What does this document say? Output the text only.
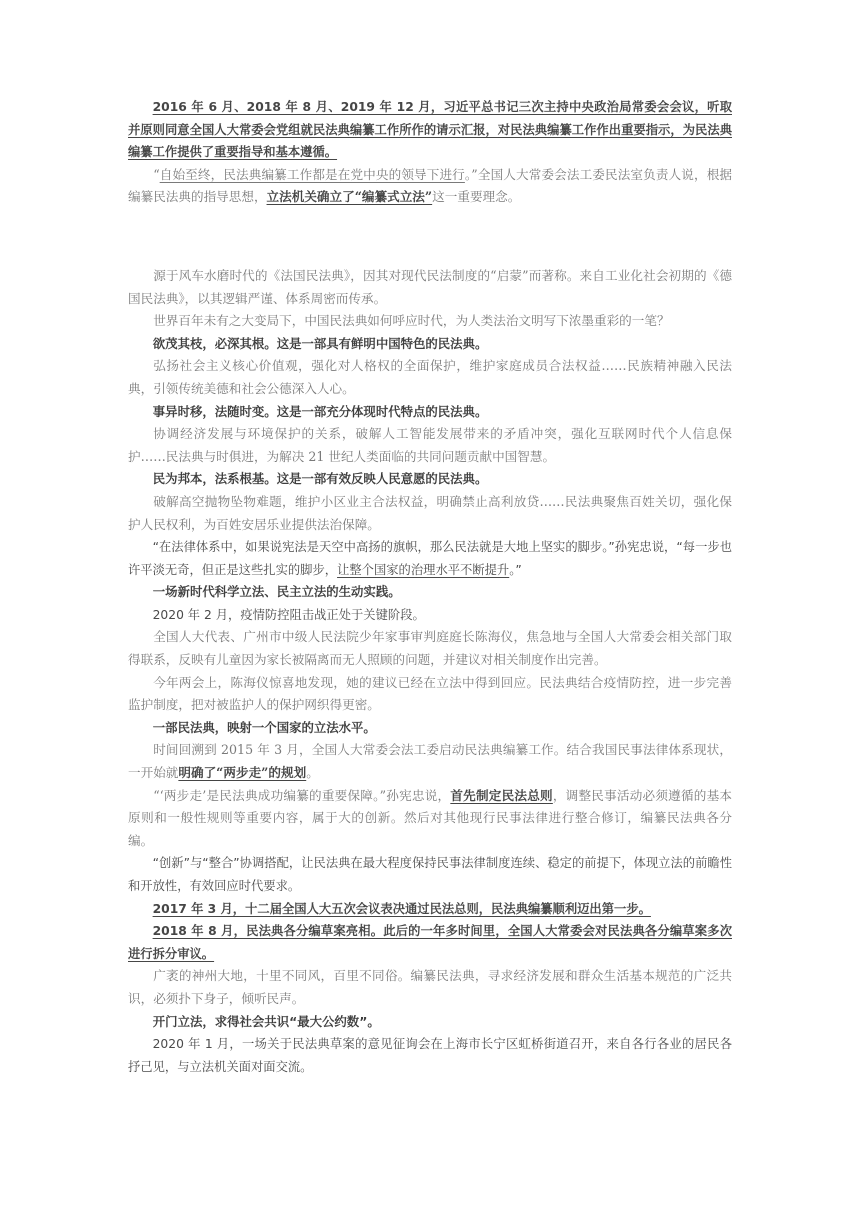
2016 年 6 月、2018 年 8 月、2019 年 12 月，习近平总书记三次主持中央政治局常委会会议，听取并原则同意全国人大常委会党组就民法典编纂工作所作的请示汇报，对民法典编纂工作作出重要指示，为民法典编纂工作提供了重要指导和基本遵循。

“自始至终，民法典编纂工作都是在党中央的领导下进行。”全国人大常委会法工委民法室负责人说，根据编纂民法典的指导思想，立法机关确立了“编纂式立法”这一重要理念。

源于风车水磨时代的《法国民法典》，因其对现代民法制度的“启蒙”而著称。来自工业化社会初期的《德国民法典》，以其逻辑严谨、体系周密而传承。

世界百年未有之大变局下，中国民法典如何呼应时代，为人类法治文明写下浓墨重彩的一笔？

欲茂其枝，必深其根。这是一部具有鲜明中国特色的民法典。

弘扬社会主义核心价值观，强化对人格权的全面保护，维护家庭成员合法权益……民族精神融入民法典，引领传统美德和社会公德深入人心。

事异时移，法随时变。这是一部充分体现时代特点的民法典。

协调经济发展与环境保护的关系，破解人工智能发展带来的矛盾冲突，强化互联网时代个人信息保护……民法典与时俱进，为解决 21 世纪人类面临的共同问题贡献中国智慧。

民为邦本，法系根基。这是一部有效反映人民意愿的民法典。

破解高空抛物坠物难题，维护小区业主合法权益，明确禁止高利放贷……民法典聚焦百姓关切，强化保护人民权利，为百姓安居乐业提供法治保障。

“在法律体系中，如果说宪法是天空中高扬的旗帜，那么民法就是大地上坚实的脚步。”孙宪忠说，“每一步也许平淡无奇，但正是这些扎实的脚步，让整个国家的治理水平不断提升。”

一场新时代科学立法、民主立法的生动实践。

2020 年 2 月，疫情防控阻击战正处于关键阶段。

全国人大代表、广州市中级人民法院少年家事审判庭庭长陈海仪，焦急地与全国人大常委会相关部门取得联系，反映有儿童因为家长被隔离而无人照顾的问题，并建议对相关制度作出完善。

今年两会上，陈海仪惊喜地发现，她的建议已经在立法中得到回应。民法典结合疫情防控，进一步完善监护制度，把对被监护人的保护网织得更密。

一部民法典，映射一个国家的立法水平。

时间回溯到 2015 年 3 月，全国人大常委会法工委启动民法典编纂工作。结合我国民事法律体系现状，一开始就明确了“两步走”的规划。

“‘两步走’是民法典成功编纂的重要保障。”孙宪忠说，首先制定民法总则，调整民事活动必须遵循的基本原则和一般性规则等重要内容，属于大的创新。然后对其他现行民事法律进行整合修订，编纂民法典各分编。

“创新”与“整合”协调搭配，让民法典在最大程度保持民事法律制度连续、稳定的前提下，体现立法的前瞻性和开放性，有效回应时代要求。

2017 年 3 月，十二届全国人大五次会议表决通过民法总则，民法典编纂顺利迈出第一步。

2018 年 8 月，民法典各分编草案亮相。此后的一年多时间里，全国人大常委会对民法典各分编草案多次进行拆分审议。

广袤的神州大地，十里不同风，百里不同俗。编纂民法典，寻求经济发展和群众生活基本规范的广泛共识，必须扑下身子，倾听民声。

开门立法，求得社会共识“最大公约数”。

2020 年 1 月，一场关于民法典草案的意见征询会在上海市长宁区虹桥街道召开，来自各行各业的居民各抒己见，与立法机关面对面交流。
